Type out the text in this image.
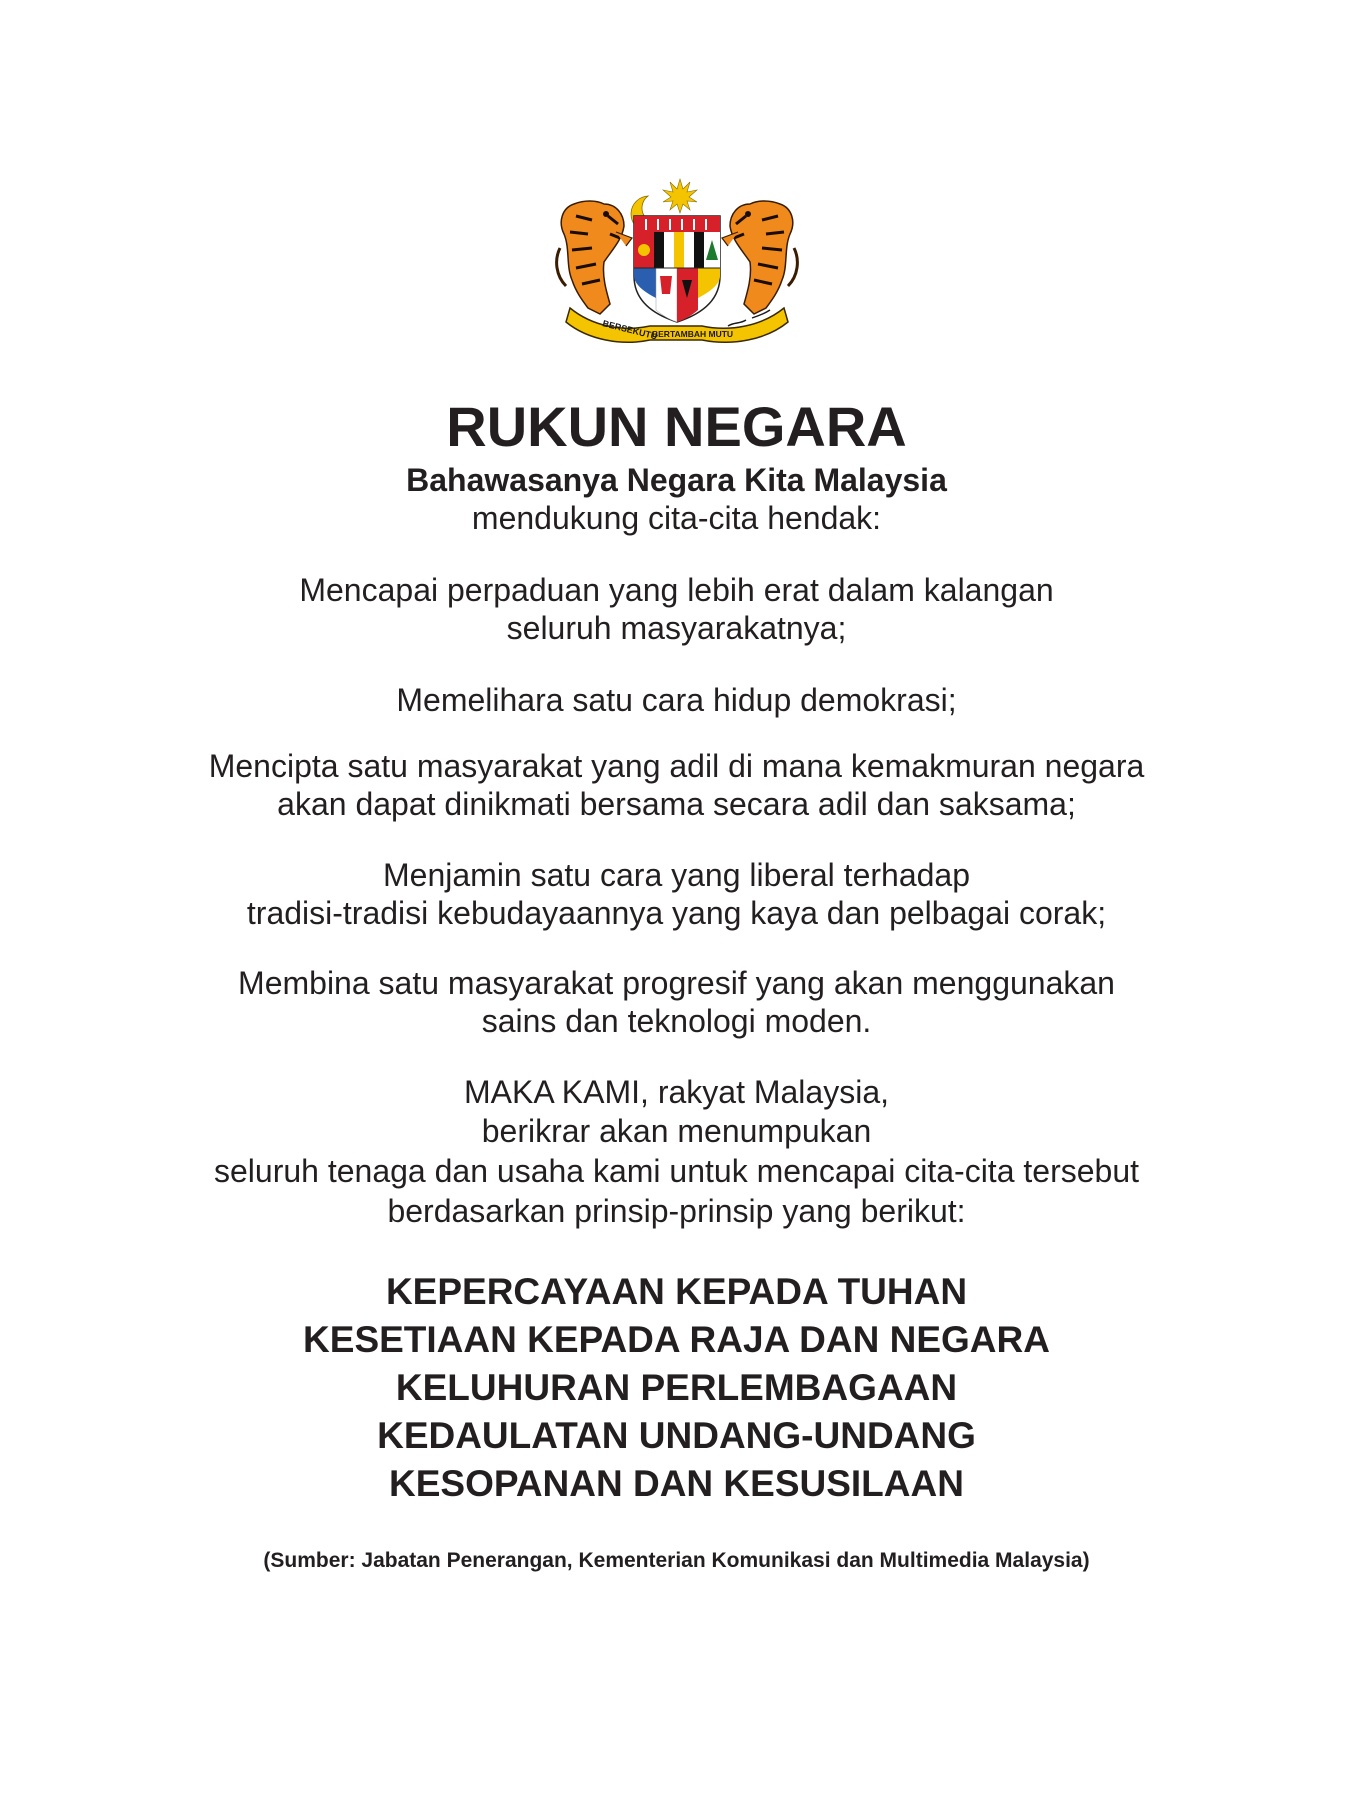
BERSEKUTU
BERTAMBAH MUTU
RUKUN NEGARA

Bahawasanya Negara Kita Malaysia

mendukung cita-cita hendak:

Mencapai perpaduan yang lebih erat dalam kalangan

seluruh masyarakatnya;

Memelihara satu cara hidup demokrasi;

Mencipta satu masyarakat yang adil di mana kemakmuran negara

akan dapat dinikmati bersama secara adil dan saksama;

Menjamin satu cara yang liberal terhadap

tradisi-tradisi kebudayaannya yang kaya dan pelbagai corak;

Membina satu masyarakat progresif yang akan menggunakan

sains dan teknologi moden.

MAKA KAMI, rakyat Malaysia,

berikrar akan menumpukan

seluruh tenaga dan usaha kami untuk mencapai cita-cita tersebut

berdasarkan prinsip-prinsip yang berikut:

KEPERCAYAAN KEPADA TUHAN

KESETIAAN KEPADA RAJA DAN NEGARA

KELUHURAN PERLEMBAGAAN

KEDAULATAN UNDANG-UNDANG

KESOPANAN DAN KESUSILAAN

(Sumber: Jabatan Penerangan, Kementerian Komunikasi dan Multimedia Malaysia)
